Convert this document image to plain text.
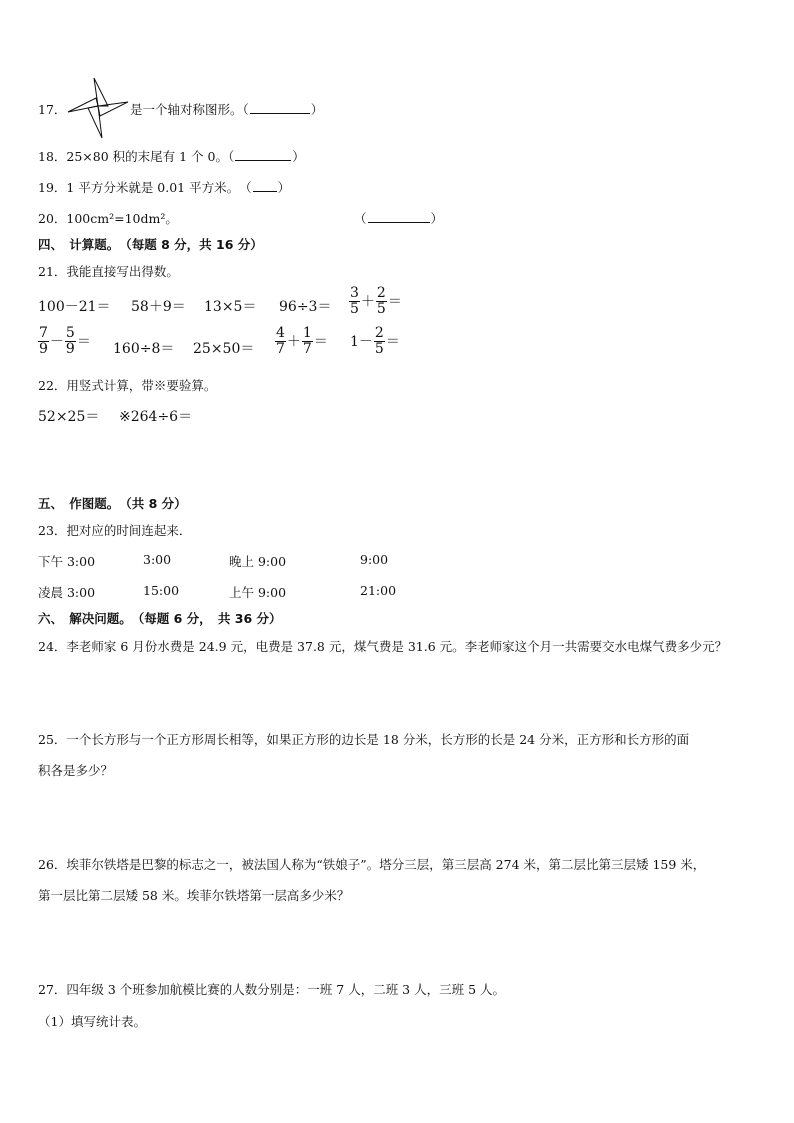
17．	是一个轴对称图形。（	）
18．25×80 积的末尾有 1 个 0。（	）
19．1 平方分米就是 0.01 平方米。　（ ）
20．100cm²=10dm²。	（	）
四、　计算题。　（每题 8 分，共 16 分）
21．我能直接写出得数。
$100-21= 58+9= 13\times 5= 96\div 3= \frac{3}{5} + \frac{2}{5}$ ＝
$\frac{7}{9} - \frac{5}{9} = 160\div 8= 25\times 50= \frac{4}{7} + \frac{1}{7} = 1- \frac{2}{5}$ ＝
22．用竖式计算，带※要验算。
52×25＝ ※264÷6＝
五、　作图题。　（共 8 分）
23．把对应的时间连起来．
下午 3:00	3:00	晚上 9:00	9:00
凌晨 3:00	15:00	上午 9:00	21:00
六、　解决问题。　（每题 6 分，　共 36 分）
24．李老师家 6 月份水费是 24.9 元，电费是 37.8 元，煤气费是 31.6 元。李老师家这个月一共需要交水电煤气费多少元？
25．一个长方形与一个正方形周长相等，如果正方形的边长是 18 分米，长方形的长是 24 分米，正方形和长方形的面
积各是多少？
26．埃菲尔铁塔是巴黎的标志之一，被法国人称为“铁娘子”。塔分三层，第三层高 274 米，第二层比第三层矮 159 米，
第一层比第二层矮 58 米。埃菲尔铁塔第一层高多少米？
27．四年级 3 个班参加航模比赛的人数分别是：一班 7 人，二班 3 人，三班 5 人。
（1）填写统计表。
